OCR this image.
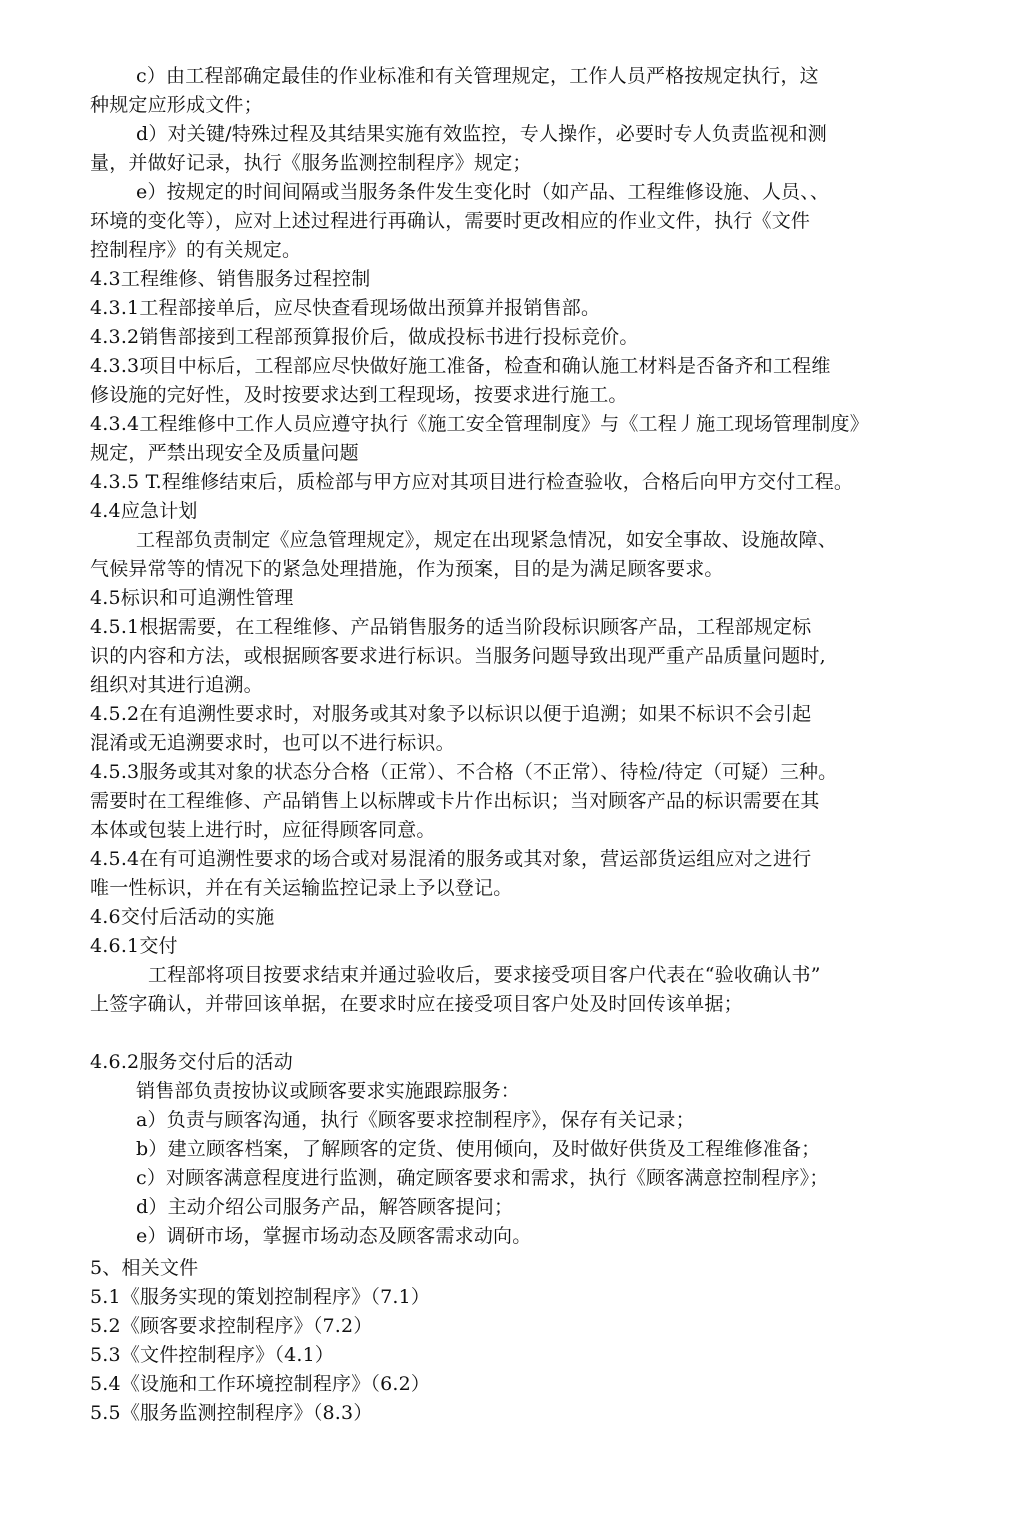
c）由工程部确定最佳的作业标准和有关管理规定，工作人员严格按规定执行，这
种规定应形成文件；
d）对关键/特殊过程及其结果实施有效监控，专人操作，必要时专人负责监视和测
量，并做好记录，执行《服务监测控制程序》规定；
e）按规定的时间间隔或当服务条件发生变化时（如产品、工程维修设施、人员、、
环境的变化等），应对上述过程进行再确认，需要时更改相应的作业文件，执行《文件
控制程序》的有关规定。
4.3工程维修、销售服务过程控制
4.3.1工程部接单后，应尽快查看现场做出预算并报销售部。
4.3.2销售部接到工程部预算报价后，做成投标书进行投标竞价。
4.3.3项目中标后，工程部应尽快做好施工准备，检查和确认施工材料是否备齐和工程维
修设施的完好性，及时按要求达到工程现场，按要求进行施工。
4.3.4工程维修中工作人员应遵守执行《施工安全管理制度》与《工程丿施工现场管理制度》
规定，严禁出现安全及质量问题
4.3.5 T.程维修结束后，质检部与甲方应对其项目进行检查验收，合格后向甲方交付工程。
4.4应急计划
工程部负责制定《应急管理规定》，规定在出现紧急情况，如安全事故、设施故障、
气候异常等的情况下的紧急处理措施，作为预案，目的是为满足顾客要求。
4.5标识和可追溯性管理
4.5.1根据需要，在工程维修、产品销售服务的适当阶段标识顾客产品，工程部规定标
识的内容和方法，或根据顾客要求进行标识。当服务问题导致出现严重产品质量问题时,
组织对其进行追溯。
4.5.2在有追溯性要求时，对服务或其对象予以标识以便于追溯；如果不标识不会引起
混淆或无追溯要求时，也可以不进行标识。
4.5.3服务或其对象的状态分合格（正常）、不合格（不正常）、待检/待定（可疑）三种。
需要时在工程维修、产品销售上以标牌或卡片作出标识；当对顾客产品的标识需要在其
本体或包装上进行时，应征得顾客同意。
4.5.4在有可追溯性要求的场合或对易混淆的服务或其对象，营运部货运组应对之进行
唯一性标识，并在有关运输监控记录上予以登记。
4.6交付后活动的实施
4.6.1交付
工程部将项目按要求结束并通过验收后，要求接受项目客户代表在“验收确认书”
上签字确认，并带回该单据，在要求时应在接受项目客户处及时回传该单据；
4.6.2服务交付后的活动
销售部负责按协议或顾客要求实施跟踪服务：
a）负责与顾客沟通，执行《顾客要求控制程序》，保存有关记录；
b）建立顾客档案，了解顾客的定货、使用倾向，及时做好供货及工程维修准备；
c）对顾客满意程度进行监测，确定顾客要求和需求，执行《顾客满意控制程序》；
d）主动介绍公司服务产品，解答顾客提问；
e）调研市场，掌握市场动态及顾客需求动向。
5、相关文件
5.1《服务实现的策划控制程序》（7.1）
5.2《顾客要求控制程序》（7.2）
5.3《文件控制程序》（4.1）
5.4《设施和工作环境控制程序》（6.2）
5.5《服务监测控制程序》（8.3）
